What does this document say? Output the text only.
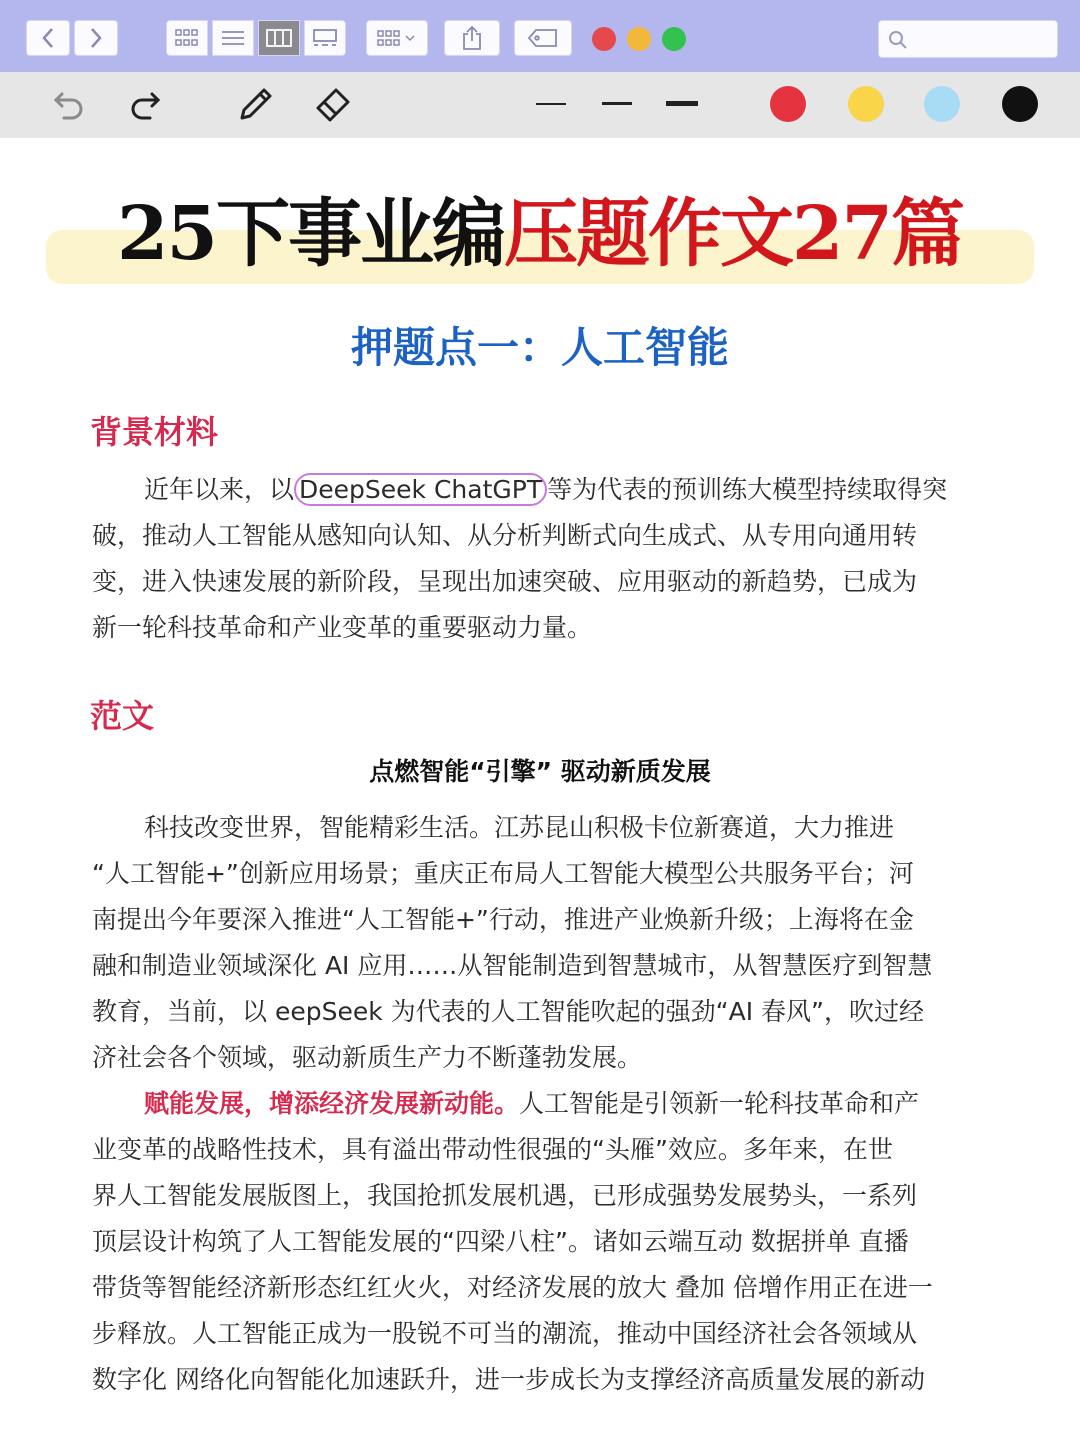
25下事业编压题作文27篇
押题点一：人工智能
背景材料
近年以来，以 DeepSeek ChatGPT 等为代表的预训练大模型持续取得突
破，推动人工智能从感知向认知、从分析判断式向生成式、从专用向通用转
变，进入快速发展的新阶段，呈现出加速突破、应用驱动的新趋势，已成为
新一轮科技革命和产业变革的重要驱动力量。
范文
点燃智能“引擎” 驱动新质发展
科技改变世界，智能精彩生活。江苏昆山积极卡位新赛道，大力推进
“人工智能+”创新应用场景；重庆正布局人工智能大模型公共服务平台；河
南提出今年要深入推进“人工智能+”行动，推进产业焕新升级；上海将在金
融和制造业领域深化 AI 应用……从智能制造到智慧城市，从智慧医疗到智慧
教育，当前，以 eepSeek 为代表的人工智能吹起的强劲“AI 春风”，吹过经
济社会各个领域，驱动新质生产力不断蓬勃发展。
赋能发展，增添经济发展新动能。人工智能是引领新一轮科技革命和产
业变革的战略性技术，具有溢出带动性很强的“头雁”效应。多年来，在世
界人工智能发展版图上，我国抢抓发展机遇，已形成强势发展势头，一系列
顶层设计构筑了人工智能发展的“四梁八柱”。诸如云端互动 数据拼单 直播
带货等智能经济新形态红红火火，对经济发展的放大 叠加 倍增作用正在进一
步释放。人工智能正成为一股锐不可当的潮流，推动中国经济社会各领域从
数字化 网络化向智能化加速跃升，进一步成长为支撑经济高质量发展的新动
